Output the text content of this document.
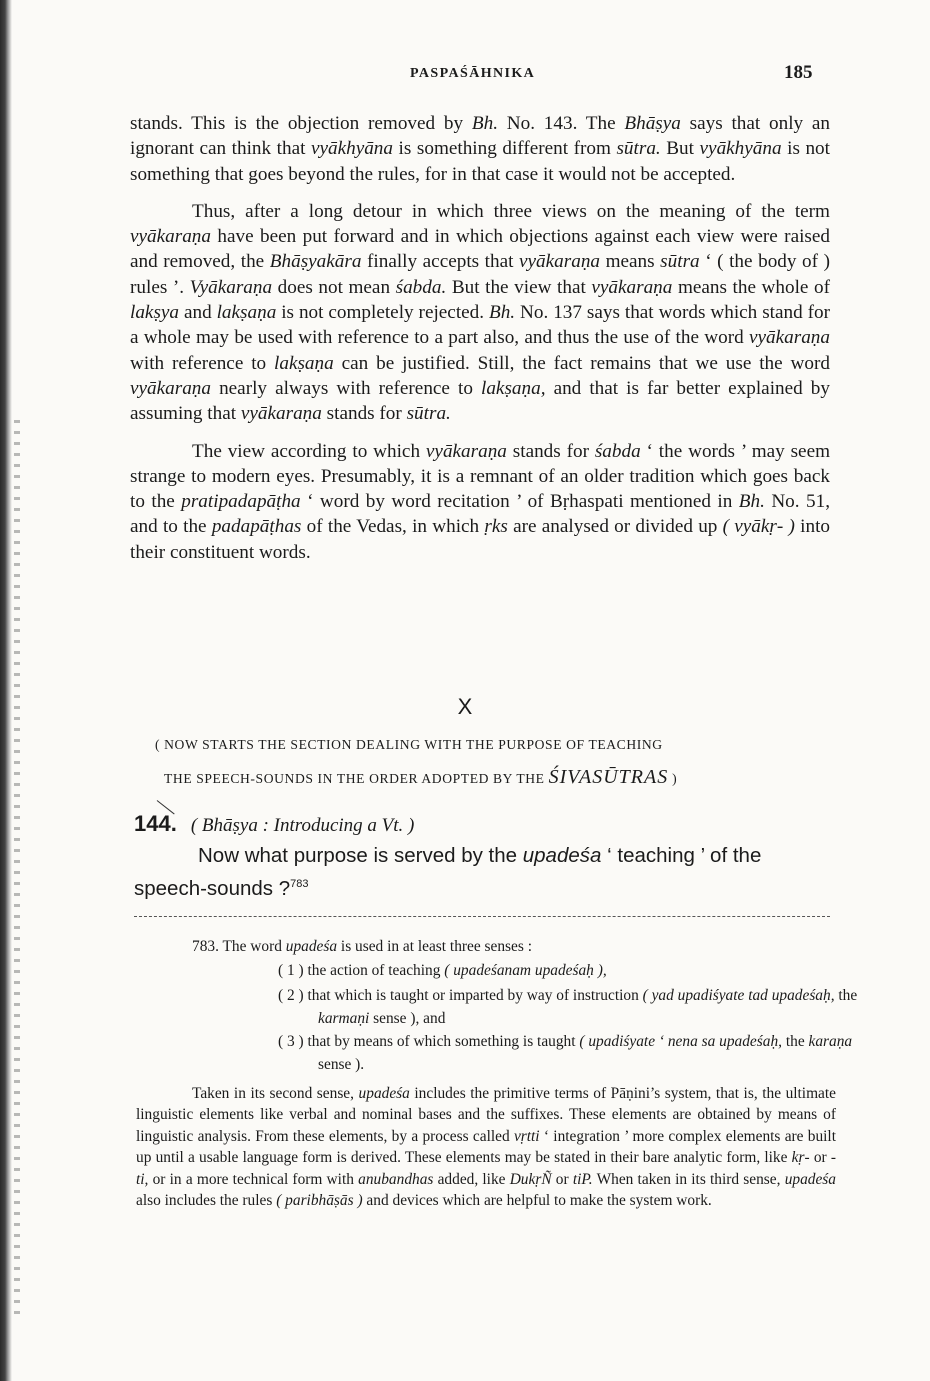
PASPAŚĀHNIKA	185

stands. This is the objection removed by Bh. No. 143. The Bhāṣya says that only an ignorant can think that vyākhyāna is something different from sūtra. But vyākhyāna is not something that goes beyond the rules, for in that case it would not be accepted.

Thus, after a long detour in which three views on the meaning of the term vyākaraṇa have been put forward and in which objections against each view were raised and removed, the Bhāṣyakāra finally accepts that vyākaraṇa means sūtra ‘ ( the body of ) rules ’. Vyākaraṇa does not mean śabda. But the view that vyākaraṇa means the whole of lakṣya and lakṣaṇa is not completely rejected. Bh. No. 137 says that words which stand for a whole may be used with reference to a part also, and thus the use of the word vyākaraṇa with reference to lakṣaṇa can be justified. Still, the fact remains that we use the word vyākaraṇa nearly always with reference to lakṣaṇa, and that is far better explained by assuming that vyākaraṇa stands for sūtra.

The view according to which vyākaraṇa stands for śabda ‘ the words ’ may seem strange to modern eyes. Presumably, it is a remnant of an older tradition which goes back to the pratipadapāṭha ‘ word by word recitation ’ of Bṛhaspati mentioned in Bh. No. 51, and to the padapāṭhas of the Vedas, in which ṛks are analysed or divided up ( vyākṛ- ) into their constituent words.

X
( NOW STARTS THE SECTION DEALING WITH THE PURPOSE OF TEACHING
THE SPEECH-SOUNDS IN THE ORDER ADOPTED BY THE ŚIVASŪTRAS )
144. ( Bhāṣya : Introducing a Vt. )
Now what purpose is served by the upadeśa ‘ teaching ’ of the speech-sounds ?$^{783}$
783. The word upadeśa is used in at least three senses :
( 1 ) the action of teaching ( upadeśanam upadeśaḥ ),
( 2 ) that which is taught or imparted by way of instruction ( yad upadiśyate tad upadeśaḥ, the karmaṇi sense ), and
( 3 ) that by means of which something is taught ( upadiśyate ‘ nena sa upadeśaḥ, the karaṇa sense ).
Taken in its second sense, upadeśa includes the primitive terms of Pāṇini’s system, that is, the ultimate linguistic elements like verbal and nominal bases and the suffixes. These elements are obtained by means of linguistic analysis. From these elements, by a process called vṛtti ‘ integration ’ more complex elements are built up until a usable language form is derived. These elements may be stated in their bare analytic form, like kṛ- or -ti, or in a more technical form with anubandhas added, like DukṛÑ or tiP. When taken in its third sense, upadeśa also includes the rules ( paribhāṣās ) and devices which are helpful to make the system work.
